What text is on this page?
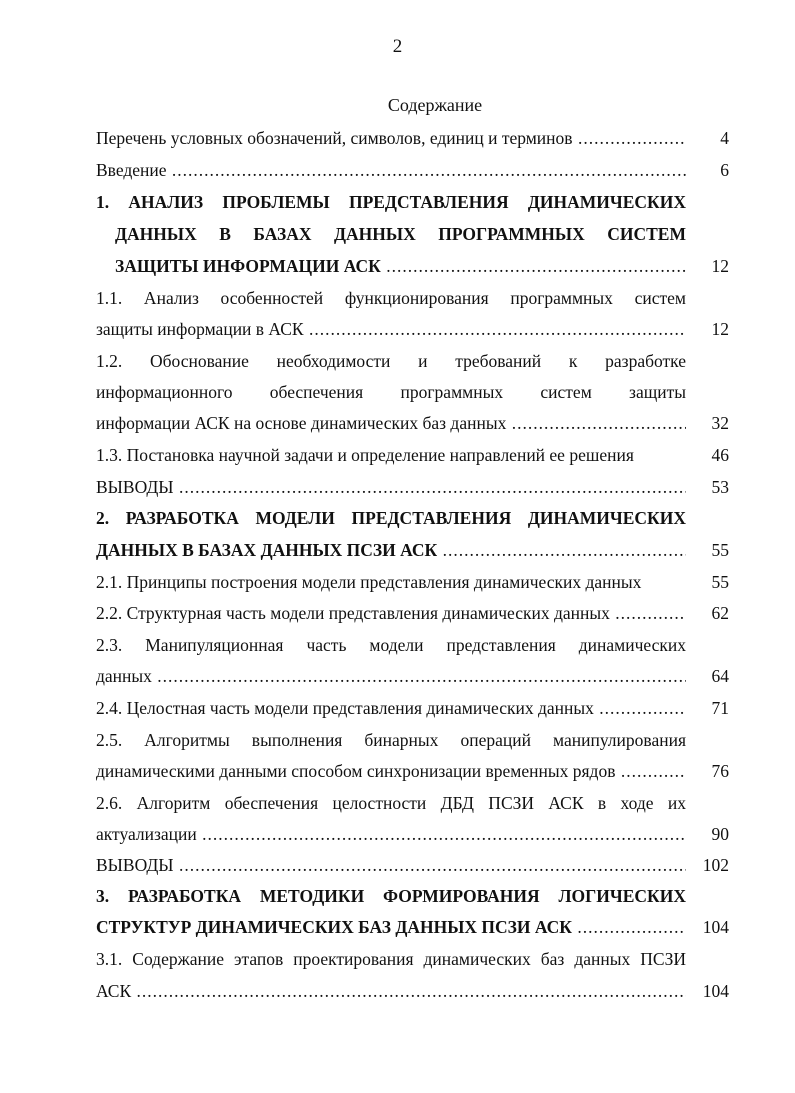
2
Содержание
Перечень условных обозначений, символов, единиц и терминов .....	4
Введение .....	6
1. АНАЛИЗ ПРОБЛЕМЫ ПРЕДСТАВЛЕНИЯ ДИНАМИЧЕСКИХ
ДАННЫХ В БАЗАХ ДАННЫХ ПРОГРАММНЫХ СИСТЕМ
ЗАЩИТЫ ИНФОРМАЦИИ АСК .....	12
1.1. Анализ особенностей функционирования программных систем
защиты информации в АСК .....	12
1.2. Обоснование необходимости и требований к разработке
информационного обеспечения программных систем защиты
информации АСК на основе динамических баз данных .....	32
1.3. Постановка научной задачи и определение направлений ее решения	46
ВЫВОДЫ .....	53
2. РАЗРАБОТКА МОДЕЛИ ПРЕДСТАВЛЕНИЯ ДИНАМИЧЕСКИХ
ДАННЫХ В БАЗАХ ДАННЫХ ПСЗИ АСК .....	55
2.1. Принципы построения модели представления динамических данных	55
2.2. Структурная часть модели представления динамических данных .....	62
2.3. Манипуляционная часть модели представления динамических
данных .....	64
2.4. Целостная часть модели представления динамических данных .....	71
2.5. Алгоритмы выполнения бинарных операций манипулирования
динамическими данными способом синхронизации временных рядов .....	76
2.6. Алгоритм обеспечения целостности ДБД ПСЗИ АСК в ходе их
актуализации .....	90
ВЫВОДЫ .....	102
3. РАЗРАБОТКА МЕТОДИКИ ФОРМИРОВАНИЯ ЛОГИЧЕСКИХ
СТРУКТУР ДИНАМИЧЕСКИХ БАЗ ДАННЫХ ПСЗИ АСК .....	104
3.1. Содержание этапов проектирования динамических баз данных ПСЗИ
АСК .....	104
